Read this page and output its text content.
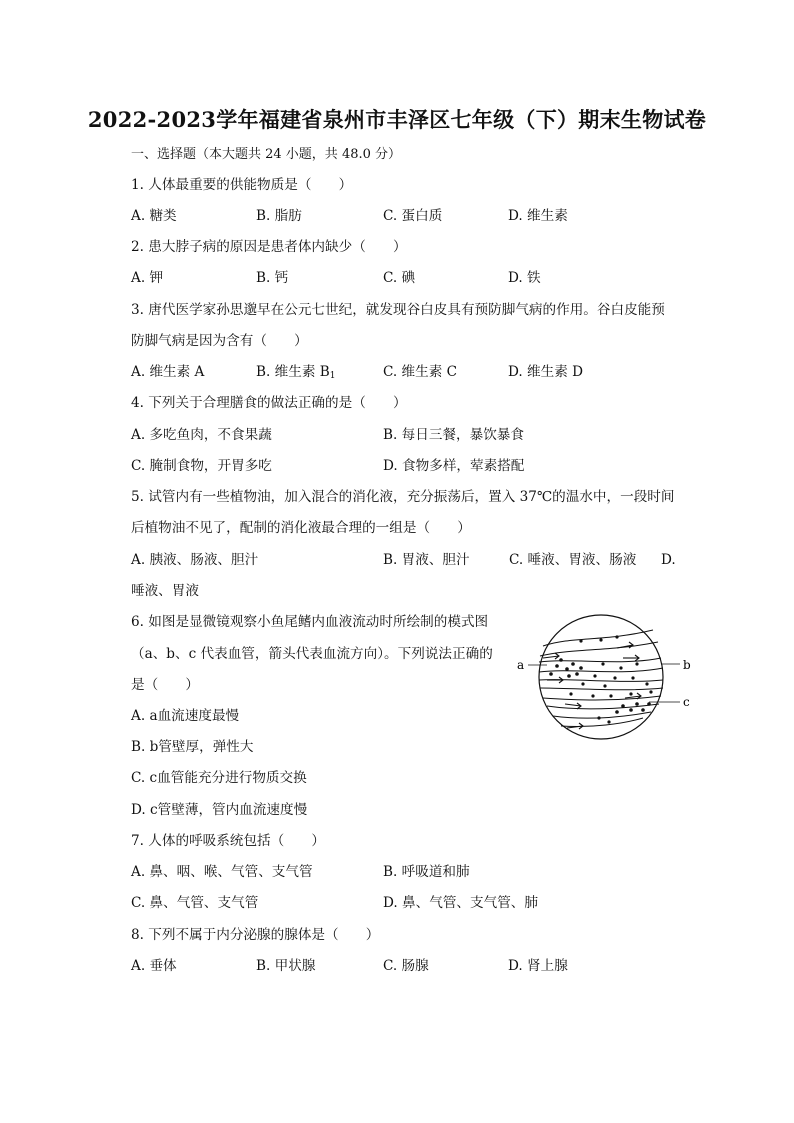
2022-2023学年福建省泉州市丰泽区七年级（下）期末生物试卷
一、选择题（本大题共 24 小题，共 48.0 分）
1. 人体最重要的供能物质是（　　）
A. 糖类	B. 脂肪	C. 蛋白质	D. 维生素
2. 患大脖子病的原因是患者体内缺少（　　）
A. 钾	B. 钙	C. 碘	D. 铁
3. 唐代医学家孙思邈早在公元七世纪，就发现谷白皮具有预防脚气病的作用。谷白皮能预
防脚气病是因为含有（　　）
A. 维生素 A	B. 维生素 $B_1$	C. 维生素 C	D. 维生素 D
4. 下列关于合理膳食的做法正确的是（　　）
A. 多吃鱼肉，不食果蔬	B. 每日三餐，暴饮暴食
C. 腌制食物，开胃多吃	D. 食物多样，荤素搭配
5. 试管内有一些植物油，加入混合的消化液，充分振荡后，置入 37℃的温水中，一段时间
后植物油不见了，配制的消化液最合理的一组是（　　）
A. 胰液、肠液、胆汁	B. 胃液、胆汁	C. 唾液、胃液、肠液 D.
唾液、胃液
6. 如图是显微镜观察小鱼尾鳍内血液流动时所绘制的模式图
（a、b、c 代表血管，箭头代表血流方向）。下列说法正确的
是（　　）
A. a血流速度最慢
B. b管壁厚，弹性大
C. c血管能充分进行物质交换
D. c管壁薄，管内血流速度慢
a	b
c
7. 人体的呼吸系统包括（　　）
A. 鼻、咽、喉、气管、支气管	B. 呼吸道和肺
C. 鼻、气管、支气管	D. 鼻、气管、支气管、肺
8. 下列不属于内分泌腺的腺体是（　　）
A. 垂体	B. 甲状腺	C. 肠腺	D. 肾上腺
